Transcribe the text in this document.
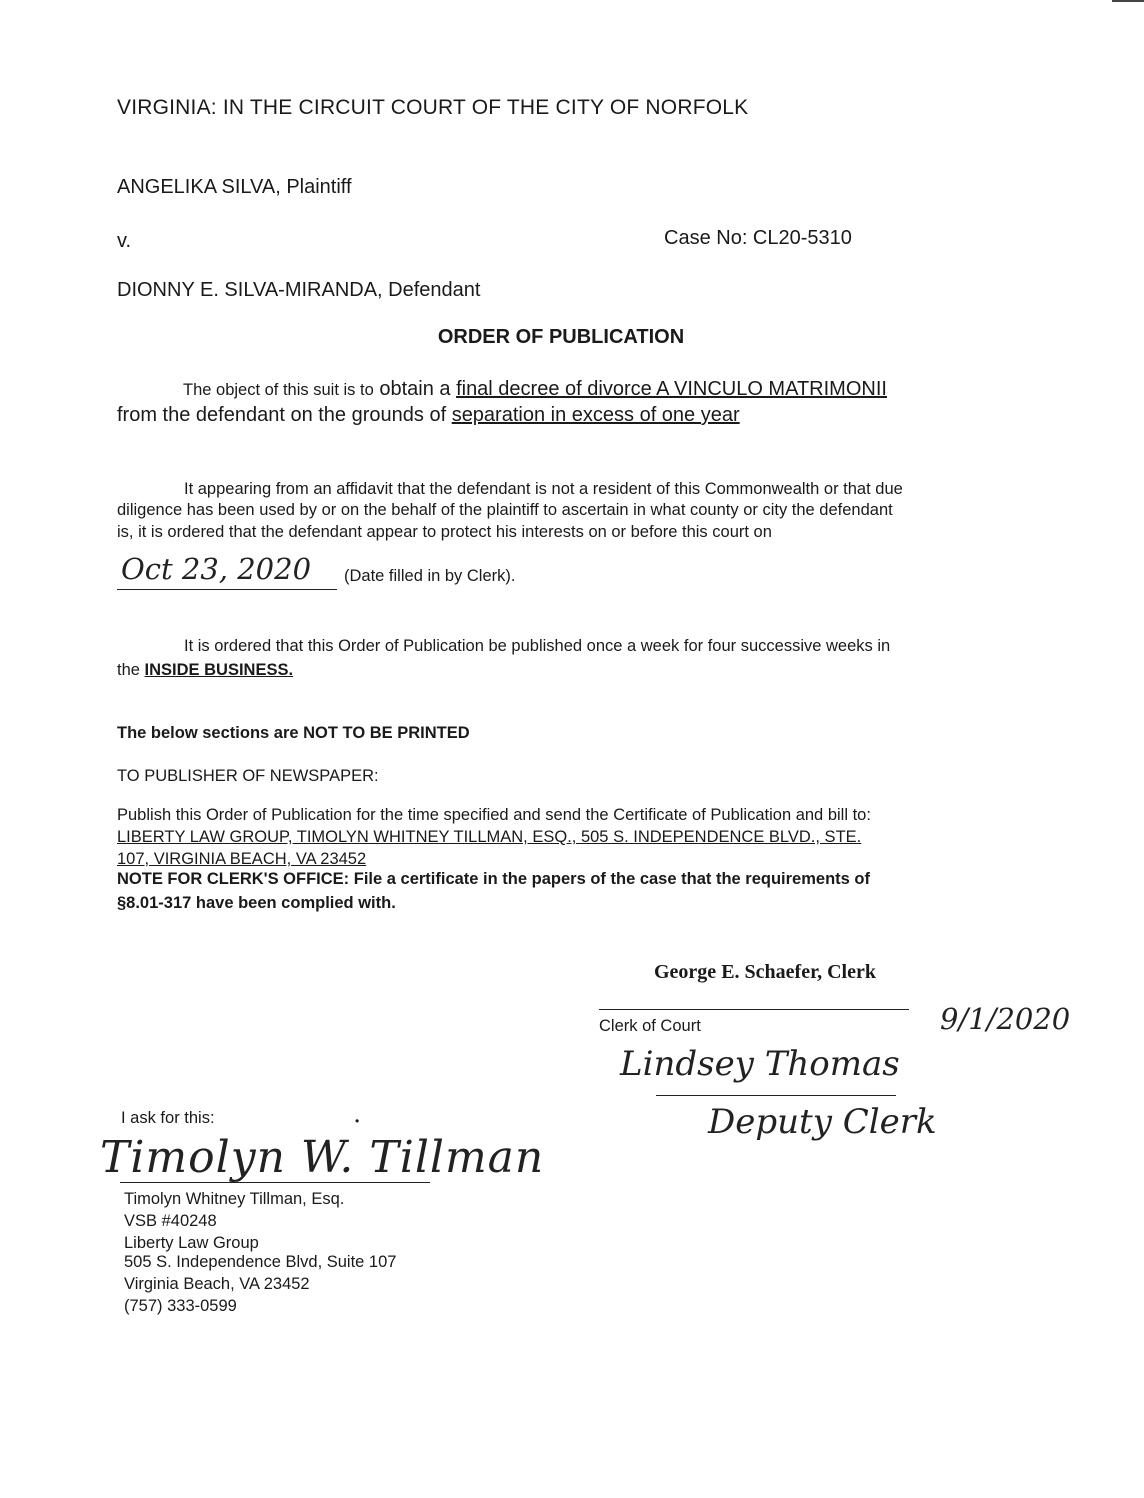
VIRGINIA: IN THE CIRCUIT COURT OF THE CITY OF NORFOLK
ANGELIKA SILVA, Plaintiff
v.	Case No: CL20-5310
DIONNY E. SILVA-MIRANDA, Defendant
ORDER OF PUBLICATION
The object of this suit is to obtain a final decree of divorce A VINCULO MATRIMONII
from the defendant on the grounds of separation in excess of one year
It appearing from an affidavit that the defendant is not a resident of this Commonwealth or that due
diligence has been used by or on the behalf of the plaintiff to ascertain in what county or city the defendant
is, it is ordered that the defendant appear to protect his interests on or before this court on
Oct 23, 2020 (Date filled in by Clerk).
It is ordered that this Order of Publication be published once a week for four successive weeks in
the INSIDE BUSINESS.
The below sections are NOT TO BE PRINTED
TO PUBLISHER OF NEWSPAPER:
Publish this Order of Publication for the time specified and send the Certificate of Publication and bill to:
LIBERTY LAW GROUP, TIMOLYN WHITNEY TILLMAN, ESQ., 505 S. INDEPENDENCE BLVD., STE.
107, VIRGINIA BEACH, VA 23452
NOTE FOR CLERK'S OFFICE: File a certificate in the papers of the case that the requirements of
§8.01-317 have been complied with.
George E. Schaefer, Clerk
Clerk of Court	9/1/2020
Lindsey Thomas
Deputy Clerk
I ask for this:	•
Timolyn W. Tillman
Timolyn Whitney Tillman, Esq.
VSB #40248
Liberty Law Group
505 S. Independence Blvd, Suite 107
Virginia Beach, VA 23452
(757) 333-0599
